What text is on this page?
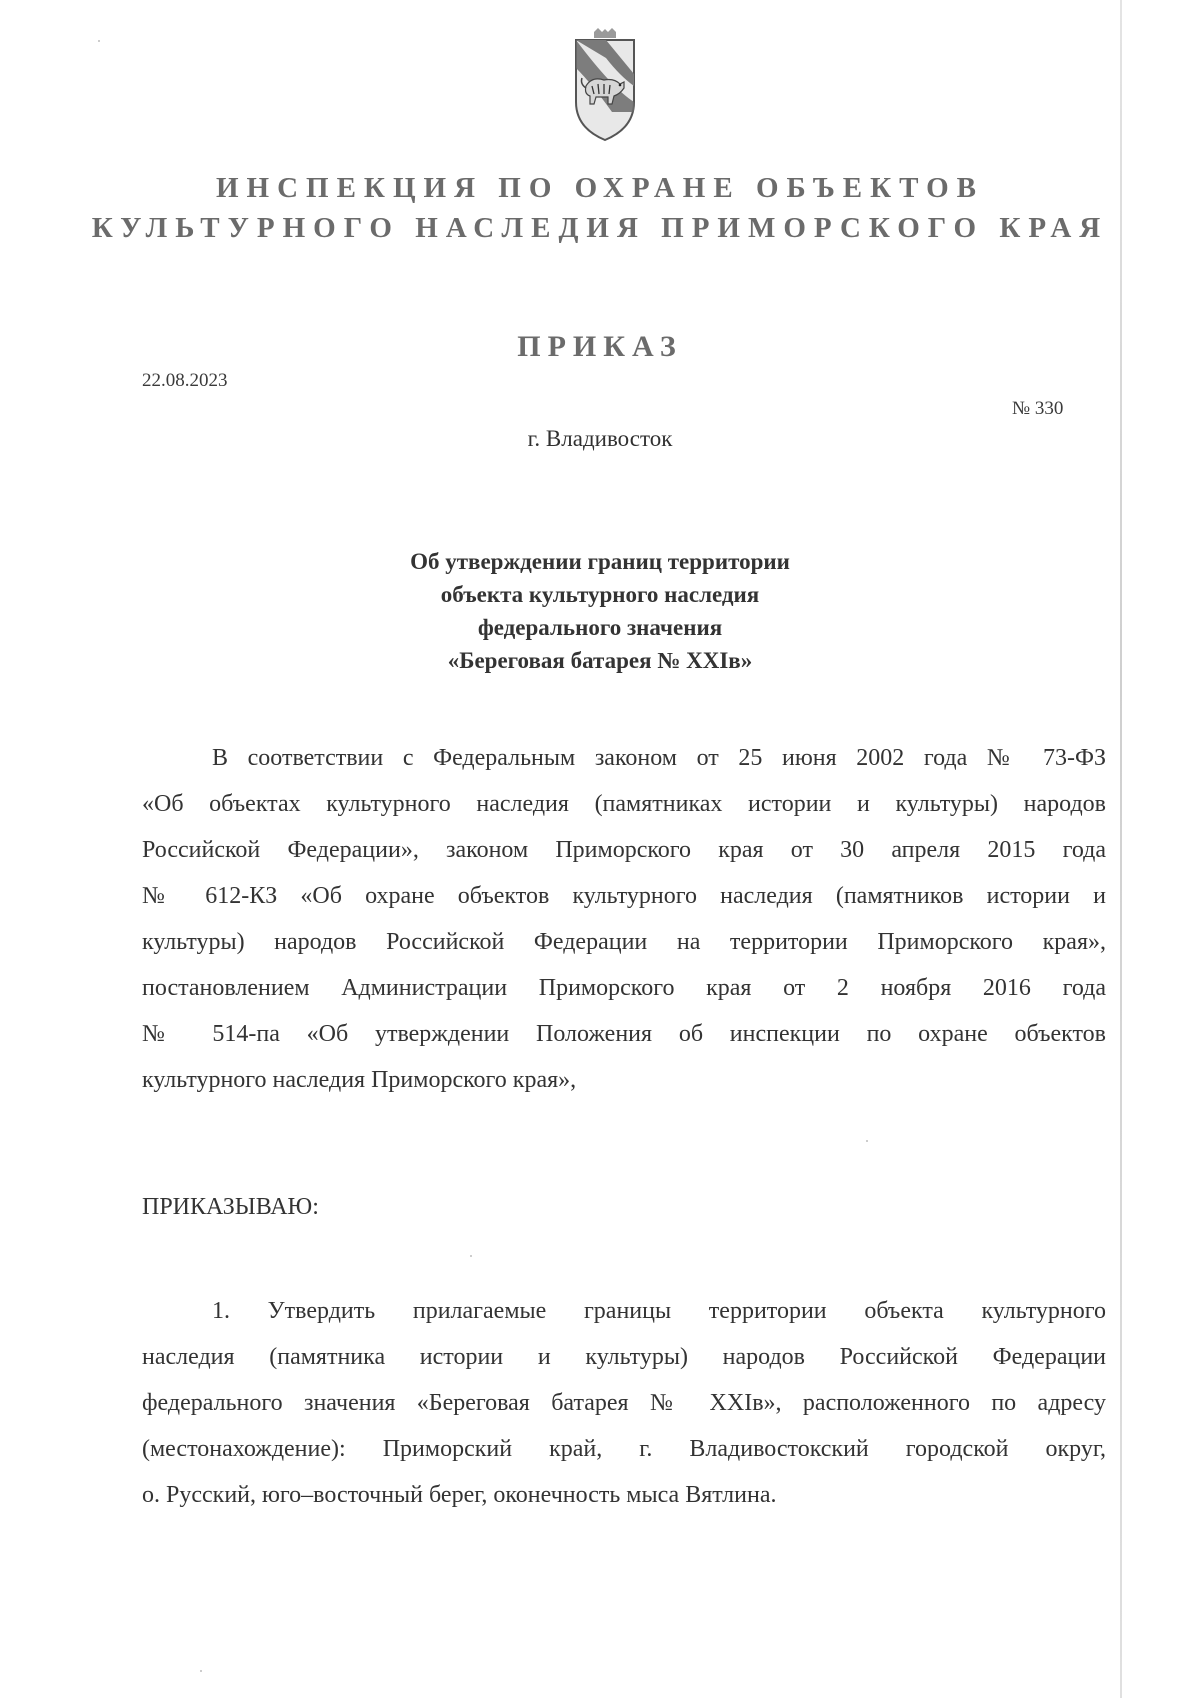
ИНСПЕКЦИЯ ПО ОХРАНЕ ОБЪЕКТОВ
КУЛЬТУРНОГО НАСЛЕДИЯ ПРИМОРСКОГО КРАЯ
ПРИКАЗ
22.08.2023
№ 330
г. Владивосток
Об утверждении границ территории
объекта культурного наследия
федерального значения
«Береговая батарея № XXIв»
В соответствии с Федеральным законом от 25 июня 2002 года № 73-ФЗ
«Об объектах культурного наследия (памятниках истории и культуры) народов
Российской Федерации», законом Приморского края от 30 апреля 2015 года
№ 612-КЗ «Об охране объектов культурного наследия (памятников истории и
культуры) народов Российской Федерации на территории Приморского края»,
постановлением Администрации Приморского края от 2 ноября 2016 года
№ 514-па «Об утверждении Положения об инспекции по охране объектов
культурного наследия Приморского края»,
ПРИКАЗЫВАЮ:
1. Утвердить прилагаемые границы территории объекта культурного
наследия (памятника истории и культуры) народов Российской Федерации
федерального значения «Береговая батарея № XXIв», расположенного по адресу
(местонахождение): Приморский край, г. Владивостокский городской округ,
о. Русский, юго–восточный берег, оконечность мыса Вятлина.
